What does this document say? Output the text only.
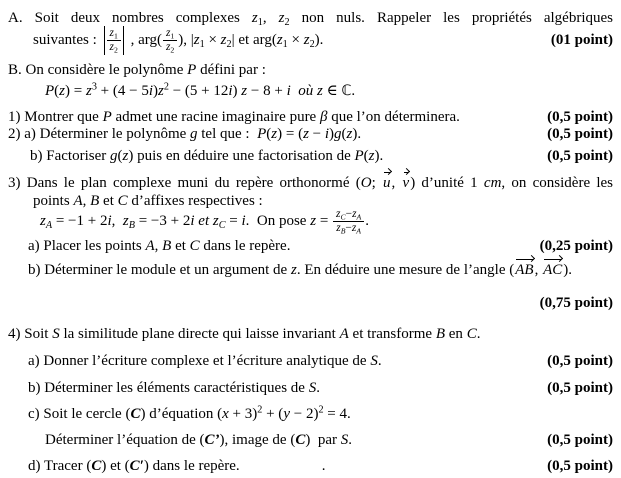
A. Soit deux nombres complexes $z_1$, $z_2$ non nuls. Rappeler les propriétés algébriques
suivantes : $\frac{z_1}{z_2}$ , $arg( \frac{z_1}{z_2}$ ), $|z_1 \times z_2|$ et $arg(z_1 \times z_2)$.	(01 point)
B. On considère le polynôme P défini par :
$P(z) = z^3 + (4 - 5i)z^2 - (5 + 12i) z - 8 + i$ où z ∈ ℂ.
1) Montrer que P admet une racine imaginaire pure β que l’on déterminera.	(0,5 point)
2) a) Déterminer le polynôme g tel que :  P(z) = (z − i)g(z).	(0,5 point)
b) Factoriser g(z) puis en déduire une factorisation de P(z).	(0,5 point)
3) Dans le plan complexe muni du repère orthonormé (O; u , v ) d’unité 1 cm, on considère les
points A, B et C d’affixes respectives :
$z_A = -1 + 2i$,  $z_B = -3 + 2i$ et $z_C = i$.  On pose $z = \frac{z_C-z_A}{z_B-z_A}$ .
a) Placer les points A, B et C dans le repère.	(0,25 point)
b) Déterminer le module et un argument de z. En déduire une mesure de l’angle ( AB , AC ).
(0,75 point)
4) Soit S la similitude plane directe qui laisse invariant A et transforme B en C.
a) Donner l’écriture complexe et l’écriture analytique de S.	(0,5 point)
b) Déterminer les éléments caractéristiques de S.	(0,5 point)
c) Soit le cercle (C) d’équation $(x + 3)^2 + (y - 2)^2 = 4$.
Déterminer l’équation de (C’), image de (C)  par S.	(0,5 point)
d) Tracer (C) et (C′) dans le repère.	.	(0,5 point)
